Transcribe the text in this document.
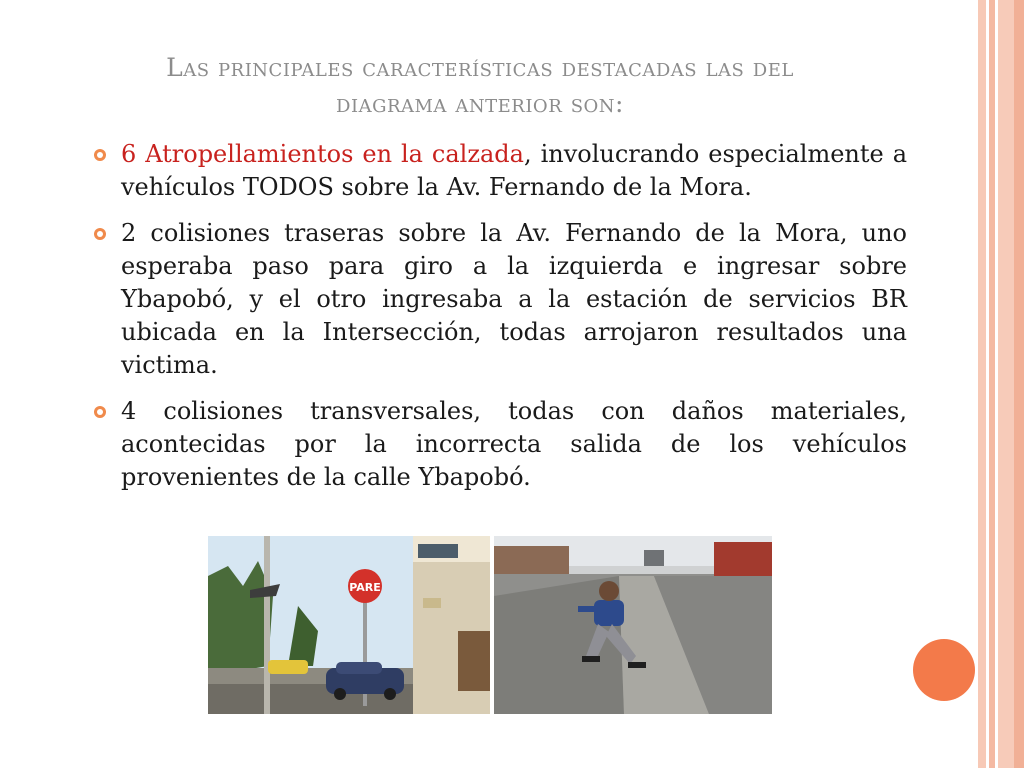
Las principales características destacadas las del
diagrama anterior son:
6 Atropellamientos en la calzada, involucrando especialmente a vehículos TODOS sobre la Av. Fernando de la Mora.
2 colisiones traseras sobre la Av. Fernando de la Mora, uno esperaba paso para giro a la izquierda e ingresar sobre Ybapobó, y el otro ingresaba a la estación de servicios BR ubicada en la Intersección, todas arrojaron resultados una victima.
4 colisiones transversales, todas con daños materiales, acontecidas por la incorrecta salida de los vehículos provenientes de la calle Ybapobó.
PARE
